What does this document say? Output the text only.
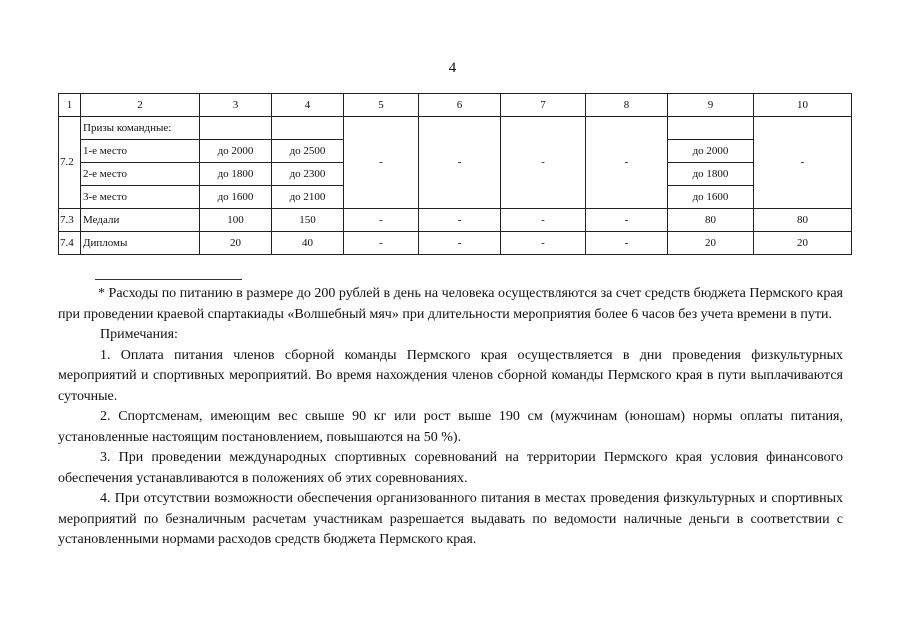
4
1	2	3	4	5	6	7	8	9	10
7.2	Призы командные:			-	-	-	-		-
	1-е место	до 2000	до 2500					до 2000	
	2-е место	до 1800	до 2300					до 1800	
	3-е место	до 1600	до 2100					до 1600	
7.3	Медали	100	150	-	-	-	-	80	80
7.4	Дипломы	20	40	-	-	-	-	20	20

* Расходы по питанию в размере до 200 рублей в день на человека осуществляются за счет средств бюджета Пермского края при проведении краевой спартакиады «Волшебный мяч» при длительности мероприятия более 6 часов без учета времени в пути.

Примечания:

1. Оплата питания членов сборной команды Пермского края осуществляется в дни проведения физкультурных мероприятий и спортивных мероприятий. Во время нахождения членов сборной команды Пермского края в пути выплачиваются суточные.

2. Спортсменам, имеющим вес свыше 90 кг или рост выше 190 см (мужчинам (юношам) нормы оплаты питания, установленные настоящим постановлением, повышаются на 50 %).

3. При проведении международных спортивных соревнований на территории Пермского края условия финансового обеспечения устанавливаются в положениях об этих соревнованиях.

4. При отсутствии возможности обеспечения организованного питания в местах проведения физкультурных и спортивных мероприятий по безналичным расчетам участникам разрешается выдавать по ведомости наличные деньги в соответствии с установленными нормами расходов средств бюджета Пермского края.
